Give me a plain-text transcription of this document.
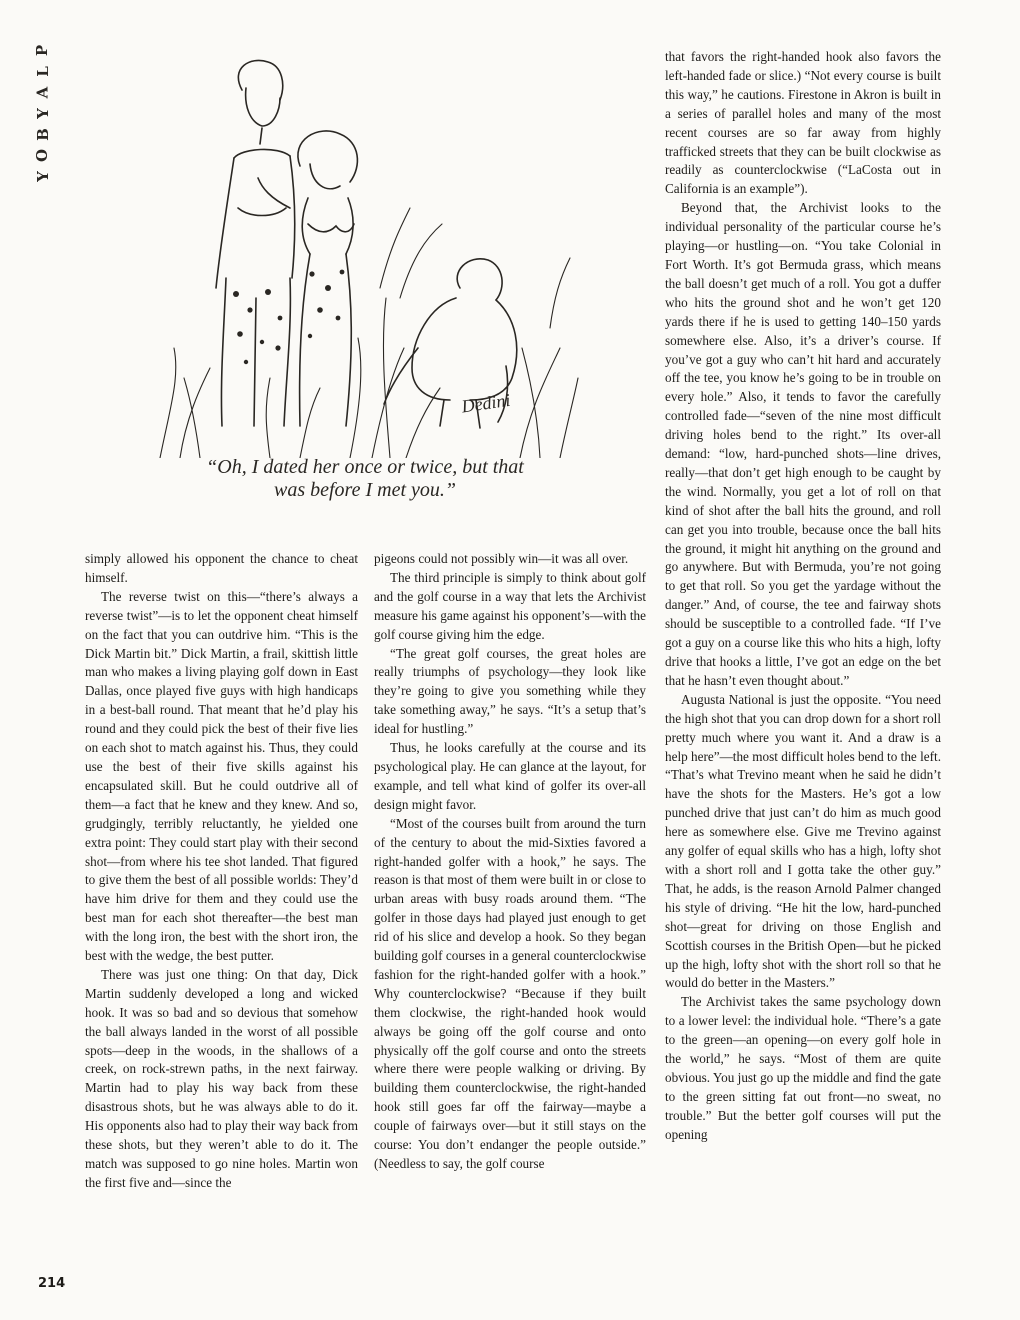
P
L
A
Y
B
O
Y
Dedini
“Oh, I dated her once or twice, but that
was before I met you.”

simply allowed his opponent the chance to cheat himself.

The reverse twist on this—“there’s always a reverse twist”—is to let the opponent cheat himself on the fact that you can outdrive him. “This is the Dick Martin bit.” Dick Martin, a frail, skittish little man who makes a living playing golf down in East Dallas, once played five guys with high handicaps in a best-ball round. That meant that he’d play his round and they could pick the best of their five lies on each shot to match against his. Thus, they could use the best of their five skills against his encapsulated skill. But he could outdrive all of them—a fact that he knew and they knew. And so, grudgingly, terribly reluctantly, he yielded one extra point: They could start play with their second shot—from where his tee shot landed. That figured to give them the best of all possible worlds: They’d have him drive for them and they could use the best man for each shot thereafter—the best man with the long iron, the best with the short iron, the best with the wedge, the best putter.

There was just one thing: On that day, Dick Martin suddenly developed a long and wicked hook. It was so bad and so devious that somehow the ball always landed in the worst of all possible spots—deep in the woods, in the shallows of a creek, on rock-strewn paths, in the next fairway. Martin had to play his way back from these disastrous shots, but he was always able to do it. His opponents also had to play their way back from these shots, but they weren’t able to do it. The match was supposed to go nine holes. Martin won the first five and—since the

pigeons could not possibly win—it was all over.

The third principle is simply to think about golf and the golf course in a way that lets the Archivist measure his game against his opponent’s—with the golf course giving him the edge.

“The great golf courses, the great holes are really triumphs of psychology—they look like they’re going to give you something while they take something away,” he says. “It’s a setup that’s ideal for hustling.”

Thus, he looks carefully at the course and its psychological play. He can glance at the layout, for example, and tell what kind of golfer its over-all design might favor.

“Most of the courses built from around the turn of the century to about the mid-Sixties favored a right-handed golfer with a hook,” he says. The reason is that most of them were built in or close to urban areas with busy roads around them. “The golfer in those days had played just enough to get rid of his slice and develop a hook. So they began building golf courses in a general counterclockwise fashion for the right-handed golfer with a hook.” Why counterclockwise? “Because if they built them clockwise, the right-handed hook would always be going off the golf course and onto physically off the golf course and onto the streets where there were people walking or driving. By building them counterclockwise, the right-handed hook still goes far off the fairway—maybe a couple of fairways over—but it still stays on the course: You don’t endanger the people outside.” (Needless to say, the golf course

that favors the right-handed hook also favors the left-handed fade or slice.) “Not every course is built this way,” he cautions. Firestone in Akron is built in a series of parallel holes and many of the most recent courses are so far away from highly trafficked streets that they can be built clockwise as readily as counterclockwise (“LaCosta out in California is an example”).

Beyond that, the Archivist looks to the individual personality of the particular course he’s playing—or hustling—on. “You take Colonial in Fort Worth. It’s got Bermuda grass, which means the ball doesn’t get much of a roll. You got a duffer who hits the ground shot and he won’t get 120 yards there if he is used to getting 140–150 yards somewhere else. Also, it’s a driver’s course. If you’ve got a guy who can’t hit hard and accurately off the tee, you know he’s going to be in trouble on every hole.” Also, it tends to favor the carefully controlled fade—“seven of the nine most difficult driving holes bend to the right.” Its over-all demand: “low, hard-punched shots—line drives, really—that don’t get high enough to be caught by the wind. Normally, you get a lot of roll on that kind of shot after the ball hits the ground, and roll can get you into trouble, because once the ball hits the ground, it might hit anything on the ground and go anywhere. But with Bermuda, you’re not going to get that roll. So you get the yardage without the danger.” And, of course, the tee and fairway shots should be susceptible to a controlled fade. “If I’ve got a guy on a course like this who hits a high, lofty drive that hooks a little, I’ve got an edge on the bet that he hasn’t even thought about.”

Augusta National is just the opposite. “You need the high shot that you can drop down for a short roll pretty much where you want it. And a draw is a help here”—the most difficult holes bend to the left. “That’s what Trevino meant when he said he didn’t have the shots for the Masters. He’s got a low punched drive that just can’t do him as much good here as somewhere else. Give me Trevino against any golfer of equal skills who has a high, lofty shot with a short roll and I gotta take the other guy.” That, he adds, is the reason Arnold Palmer changed his style of driving. “He hit the low, hard-punched shot—great for driving on those English and Scottish courses in the British Open—but he picked up the high, lofty shot with the short roll so that he would do better in the Masters.”

The Archivist takes the same psychology down to a lower level: the individual hole. “There’s a gate to the green—an opening—on every golf hole in the world,” he says. “Most of them are quite obvious. You just go up the middle and find the gate to the green sitting fat out front—no sweat, no trouble.” But the better golf courses will put the opening

214
